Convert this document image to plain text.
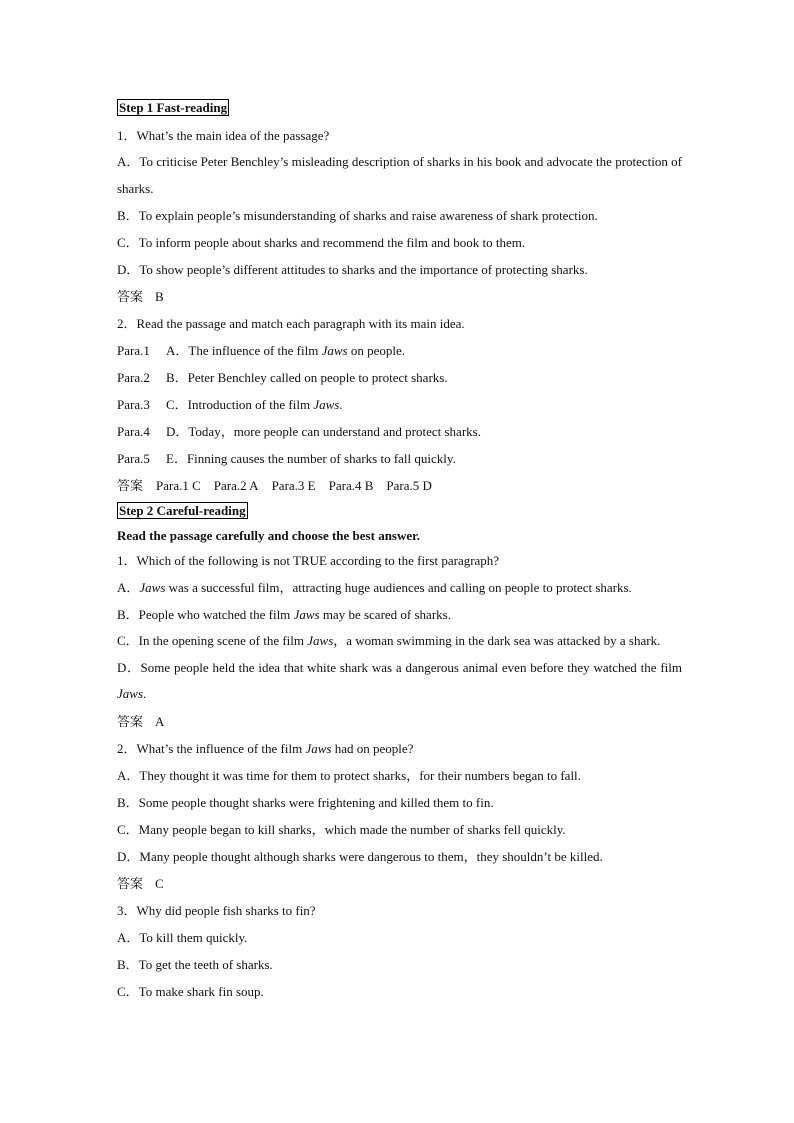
Step 1 Fast-reading

1．What’s the main idea of the passage?

A．To criticise Peter Benchley’s misleading description of sharks in his book and advocate the protection of sharks.

B．To explain people’s misunderstanding of sharks and raise awareness of shark protection.

C．To inform people about sharks and recommend the film and book to them.

D．To show people’s different attitudes to sharks and the importance of protecting sharks.

答案 B

2．Read the passage and match each paragraph with its main idea.

Para.1 A．The influence of the film Jaws on people.

Para.2 B．Peter Benchley called on people to protect sharks.

Para.3 C．Introduction of the film Jaws.

Para.4 D．Today，more people can understand and protect sharks.

Para.5 E．Finning causes the number of sharks to fall quickly.

答案 Para.1 C Para.2 A Para.3 E Para.4 B Para.5 D

Step 2 Careful-reading

Read the passage carefully and choose the best answer.

1．Which of the following is not TRUE according to the first paragraph?

A．Jaws was a successful film，attracting huge audiences and calling on people to protect sharks.

B．People who watched the film Jaws may be scared of sharks.

C．In the opening scene of the film Jaws，a woman swimming in the dark sea was attacked by a shark.

D．Some people held the idea that white shark was a dangerous animal even before they watched the film Jaws.

答案 A

2．What’s the influence of the film Jaws had on people?

A．They thought it was time for them to protect sharks，for their numbers began to fall.

B．Some people thought sharks were frightening and killed them to fin.

C．Many people began to kill sharks，which made the number of sharks fell quickly.

D．Many people thought although sharks were dangerous to them，they shouldn’t be killed.

答案 C

3．Why did people fish sharks to fin?

A．To kill them quickly.

B．To get the teeth of sharks.

C．To make shark fin soup.
